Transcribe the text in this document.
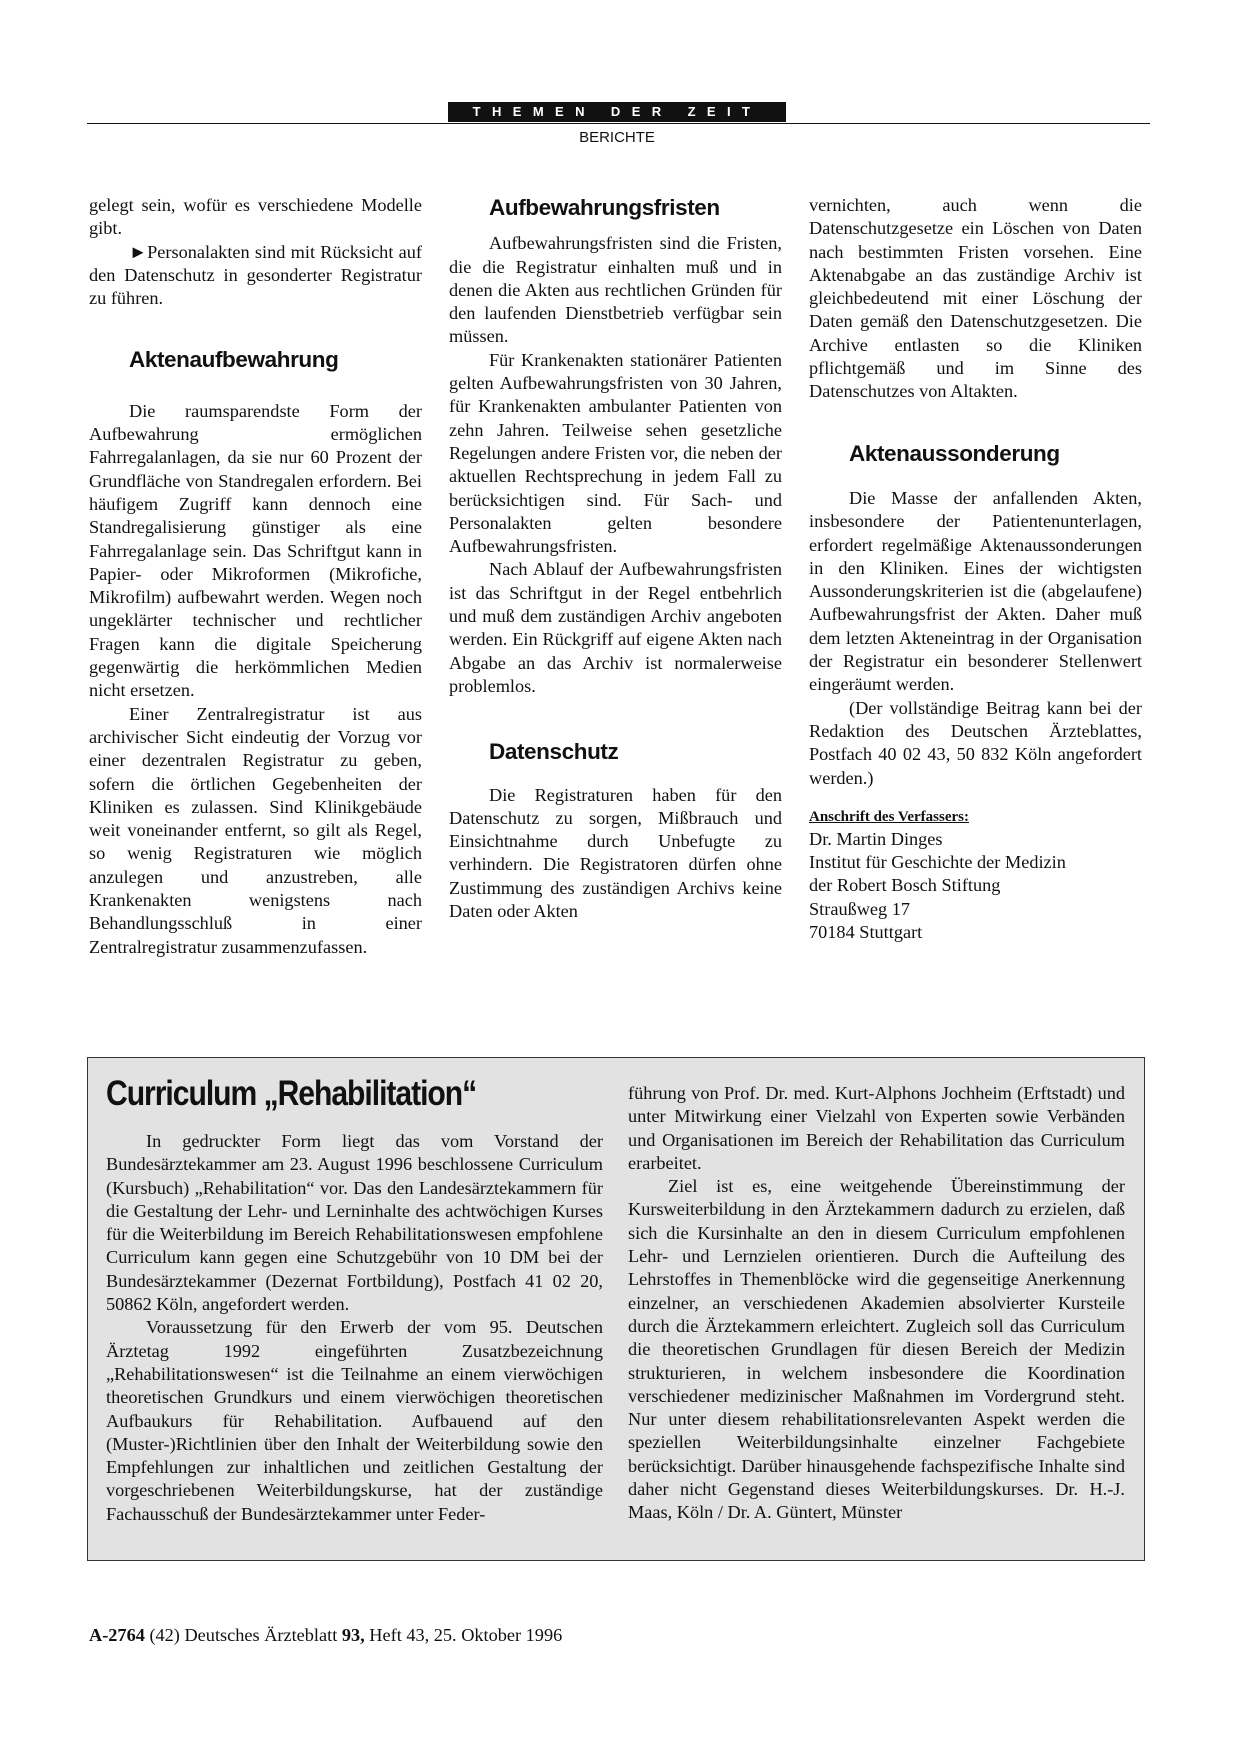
THEMEN DER ZEIT
BERICHTE

gelegt sein, wofür es verschiedene Modelle gibt.

►Personalakten sind mit Rücksicht auf den Datenschutz in gesonderter Registratur zu führen.

Aktenaufbewahrung

Die raumsparendste Form der Aufbewahrung ermöglichen Fahrregalanlagen, da sie nur 60 Prozent der Grundfläche von Standregalen erfordern. Bei häufigem Zugriff kann dennoch eine Standregalisierung günstiger als eine Fahrregalanlage sein. Das Schriftgut kann in Papier- oder Mikroformen (Mikrofiche, Mikrofilm) aufbewahrt werden. Wegen noch ungeklärter technischer und rechtlicher Fragen kann die digitale Speicherung gegenwärtig die herkömmlichen Medien nicht ersetzen.

Einer Zentralregistratur ist aus archivischer Sicht eindeutig der Vorzug vor einer dezentralen Registratur zu geben, sofern die örtlichen Gegebenheiten der Kliniken es zulassen. Sind Klinikgebäude weit voneinander entfernt, so gilt als Regel, so wenig Registraturen wie möglich anzulegen und anzustreben, alle Krankenakten wenigstens nach Behandlungsschluß in einer Zentralregistratur zusammenzufassen.

Aufbewahrungsfristen

Aufbewahrungsfristen sind die Fristen, die die Registratur einhalten muß und in denen die Akten aus rechtlichen Gründen für den laufenden Dienstbetrieb verfügbar sein müssen.

Für Krankenakten stationärer Patienten gelten Aufbewahrungsfristen von 30 Jahren, für Krankenakten ambulanter Patienten von zehn Jahren. Teilweise sehen gesetzliche Regelungen andere Fristen vor, die neben der aktuellen Rechtsprechung in jedem Fall zu berücksichtigen sind. Für Sach- und Personalakten gelten besondere Aufbewahrungsfristen.

Nach Ablauf der Aufbewahrungsfristen ist das Schriftgut in der Regel entbehrlich und muß dem zuständigen Archiv angeboten werden. Ein Rückgriff auf eigene Akten nach Abgabe an das Archiv ist normalerweise problemlos.

Datenschutz

Die Registraturen haben für den Datenschutz zu sorgen, Mißbrauch und Einsichtnahme durch Unbefugte zu verhindern. Die Registratoren dürfen ohne Zustimmung des zuständigen Archivs keine Daten oder Akten

vernichten, auch wenn die Datenschutzgesetze ein Löschen von Daten nach bestimmten Fristen vorsehen. Eine Aktenabgabe an das zuständige Archiv ist gleichbedeutend mit einer Löschung der Daten gemäß den Datenschutzgesetzen. Die Archive entlasten so die Kliniken pflichtgemäß und im Sinne des Datenschutzes von Altakten.

Aktenaussonderung

Die Masse der anfallenden Akten, insbesondere der Patientenunterlagen, erfordert regelmäßige Aktenaussonderungen in den Kliniken. Eines der wichtigsten Aussonderungskriterien ist die (abgelaufene) Aufbewahrungsfrist der Akten. Daher muß dem letzten Akteneintrag in der Organisation der Registratur ein besonderer Stellenwert eingeräumt werden.

(Der vollständige Beitrag kann bei der Redaktion des Deutschen Ärzteblattes, Postfach 40 02 43, 50 832 Köln angefordert werden.)

Anschrift des Verfassers:
Dr. Martin Dinges
Institut für Geschichte der Medizin
der Robert Bosch Stiftung
Straußweg 17
70184 Stuttgart
Curriculum „Rehabilitation“

In gedruckter Form liegt das vom Vorstand der Bundesärztekammer am 23. August 1996 beschlossene Curriculum (Kursbuch) „Rehabilitation“ vor. Das den Landesärztekammern für die Gestaltung der Lehr- und Lerninhalte des achtwöchigen Kurses für die Weiterbildung im Bereich Rehabilitationswesen empfohlene Curriculum kann gegen eine Schutzgebühr von 10 DM bei der Bundesärztekammer (Dezernat Fortbildung), Postfach 41 02 20, 50862 Köln, angefordert werden.

Voraussetzung für den Erwerb der vom 95. Deutschen Ärztetag 1992 eingeführten Zusatzbezeichnung „Rehabilitationswesen“ ist die Teilnahme an einem vierwöchigen theoretischen Grundkurs und einem vierwöchigen theoretischen Aufbaukurs für Rehabilitation. Aufbauend auf den (Muster-)Richtlinien über den Inhalt der Weiterbildung sowie den Empfehlungen zur inhaltlichen und zeitlichen Gestaltung der vorgeschriebenen Weiterbildungskurse, hat der zuständige Fachausschuß der Bundesärztekammer unter Feder-

führung von Prof. Dr. med. Kurt-Alphons Jochheim (Erftstadt) und unter Mitwirkung einer Vielzahl von Experten sowie Verbänden und Organisationen im Bereich der Rehabilitation das Curriculum erarbeitet.

Ziel ist es, eine weitgehende Übereinstimmung der Kursweiterbildung in den Ärztekammern dadurch zu erzielen, daß sich die Kursinhalte an den in diesem Curriculum empfohlenen Lehr- und Lernzielen orientieren. Durch die Aufteilung des Lehrstoffes in Themenblöcke wird die gegenseitige Anerkennung einzelner, an verschiedenen Akademien absolvierter Kursteile durch die Ärztekammern erleichtert. Zugleich soll das Curriculum die theoretischen Grundlagen für diesen Bereich der Medizin strukturieren, in welchem insbesondere die Koordination verschiedener medizinischer Maßnahmen im Vordergrund steht. Nur unter diesem rehabilitationsrelevanten Aspekt werden die speziellen Weiterbildungsinhalte einzelner Fachgebiete berücksichtigt. Darüber hinausgehende fachspezifische Inhalte sind daher nicht Gegenstand dieses Weiterbildungskurses. Dr. H.-J. Maas, Köln / Dr. A. Güntert, Münster

A-2764 (42) Deutsches Ärzteblatt 93, Heft 43, 25. Oktober 1996
